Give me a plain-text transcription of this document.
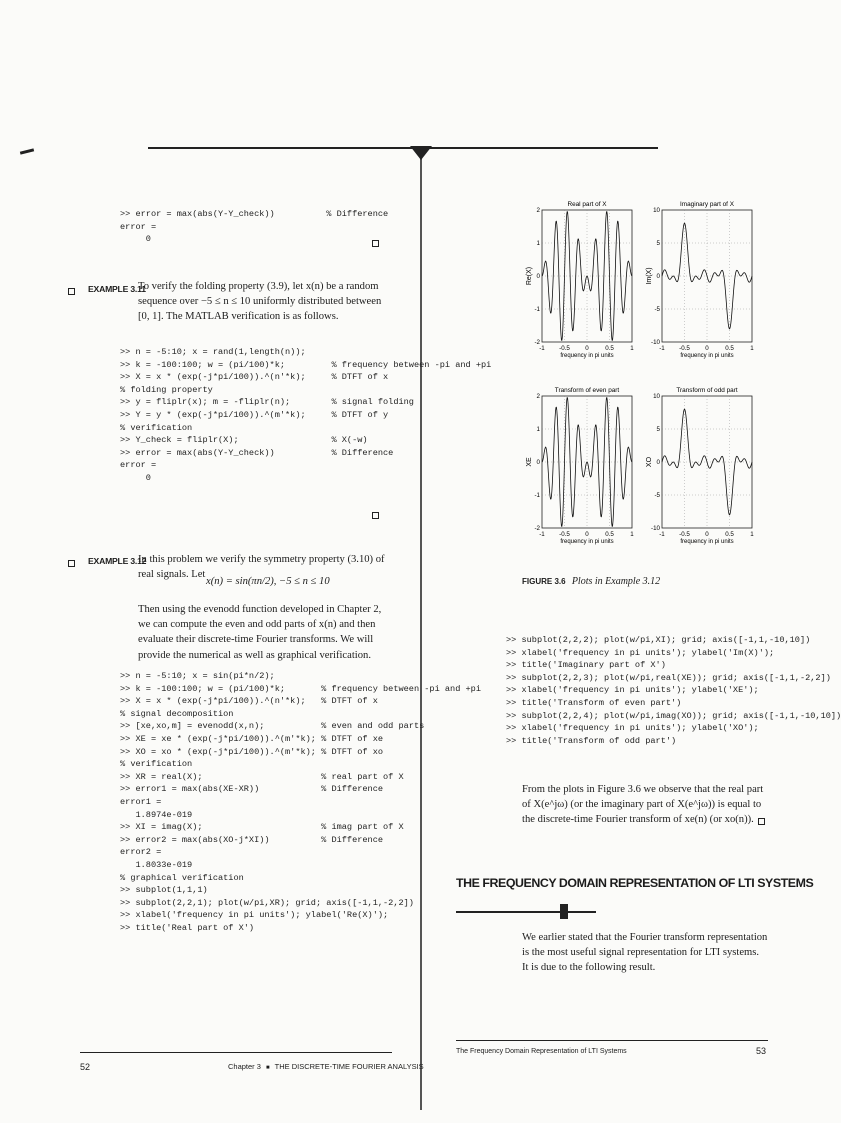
>> error = max(abs(Y-Y_check))          % Difference
error =
0
EXAMPLE 3.11
To verify the folding property (3.9), let x(n) be a random sequence over −5 ≤ n ≤ 10 uniformly distributed between [0, 1]. The MATLAB verification is as follows.
>> n = -5:10; x = rand(1,length(n));
>> k = -100:100; w = (pi/100)*k;         % frequency between -pi and +pi
>> X = x * (exp(-j*pi/100)).^(n'*k);     % DTFT of x
% folding property
>> y = fliplr(x); m = -fliplr(n);        % signal folding
>> Y = y * (exp(-j*pi/100)).^(m'*k);     % DTFT of y
% verification
>> Y_check = fliplr(X);                  % X(-w)
>> error = max(abs(Y-Y_check))           % Difference
error =
0
EXAMPLE 3.12
In this problem we verify the symmetry property (3.10) of real signals. Let
x(n) = sin(πn/2), −5 ≤ n ≤ 10
Then using the evenodd function developed in Chapter 2, we can compute the even and odd parts of x(n) and then evaluate their discrete-time Fourier transforms. We will provide the numerical as well as graphical verification.
>> n = -5:10; x = sin(pi*n/2);
>> k = -100:100; w = (pi/100)*k;       % frequency between -pi and +pi
>> X = x * (exp(-j*pi/100)).^(n'*k);   % DTFT of x
% signal decomposition
>> [xe,xo,m] = evenodd(x,n);           % even and odd parts
>> XE = xe * (exp(-j*pi/100)).^(m'*k); % DTFT of xe
>> XO = xo * (exp(-j*pi/100)).^(m'*k); % DTFT of xo
% verification
>> XR = real(X);                       % real part of X
>> error1 = max(abs(XE-XR))            % Difference
error1 =
1.8974e-019
>> XI = imag(X);                       % imag part of X
>> error2 = max(abs(XO-j*XI))          % Difference
error2 =
1.8033e-019
% graphical verification
>> subplot(1,1,1)
>> subplot(2,2,1); plot(w/pi,XR); grid; axis([-1,1,-2,2])
>> xlabel('frequency in pi units'); ylabel('Re(X)');
>> title('Real part of X')
52	Chapter 3 ■ THE DISCRETE-TIME FOURIER ANALYSIS
-1 -0.5 0	0.5	1
2
1
0
-1
-2
Real part of X
frequency in pi units
Re(X)
-1 -0.5 0	0.5	1
10
5
0
-5
-10
Imaginary part of X
frequency in pi units
Im(X)
-1 -0.5 0	0.5	1
2
1
0
-1
-2
Transform of even part
frequency in pi units
XE
-1 -0.5 0	0.5	1
10
5
0
-5
-10
Transform of odd part
frequency in pi units
XO
FIGURE 3.6 Plots in Example 3.12
>> subplot(2,2,2); plot(w/pi,XI); grid; axis([-1,1,-10,10])
>> xlabel('frequency in pi units'); ylabel('Im(X)');
>> title('Imaginary part of X')
>> subplot(2,2,3); plot(w/pi,real(XE)); grid; axis([-1,1,-2,2])
>> xlabel('frequency in pi units'); ylabel('XE');
>> title('Transform of even part')
>> subplot(2,2,4); plot(w/pi,imag(XO)); grid; axis([-1,1,-10,10])
>> xlabel('frequency in pi units'); ylabel('XO');
>> title('Transform of odd part')
From the plots in Figure 3.6 we observe that the real part of X(e^jω) (or the imaginary part of X(e^jω)) is equal to the discrete-time Fourier transform of xe(n) (or xo(n)).
THE FREQUENCY DOMAIN REPRESENTATION OF LTI SYSTEMS
We earlier stated that the Fourier transform representation is the most useful signal representation for LTI systems. It is due to the following result.
The Frequency Domain Representation of LTI Systems	53
